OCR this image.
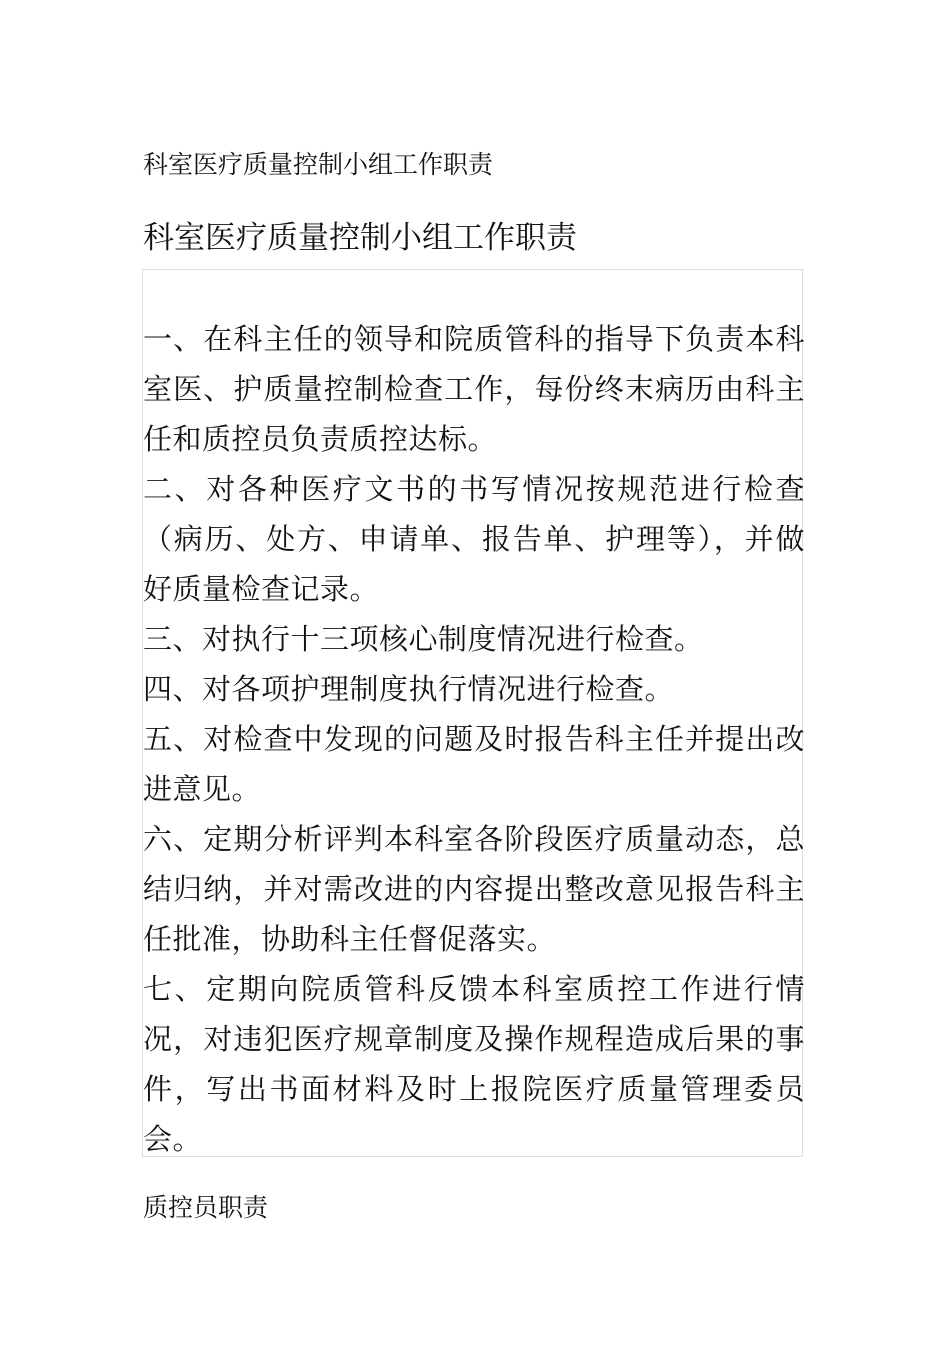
科室医疗质量控制小组工作职责
科室医疗质量控制小组工作职责
一、在科主任的领导和院质管科的指导下负责本科室医、护质量控制检查工作，每份终末病历由科主任和质控员负责质控达标。
二、对各种医疗文书的书写情况按规范进行检查（病历、处方、申请单、报告单、护理等），并做好质量检查记录。
三、对执行十三项核心制度情况进行检查。
四、对各项护理制度执行情况进行检查。
五、对检查中发现的问题及时报告科主任并提出改进意见。
六、定期分析评判本科室各阶段医疗质量动态，总结归纳，并对需改进的内容提出整改意见报告科主任批准，协助科主任督促落实。
七、定期向院质管科反馈本科室质控工作进行情况，对违犯医疗规章制度及操作规程造成后果的事件，写出书面材料及时上报院医疗质量管理委员会。
质控员职责
